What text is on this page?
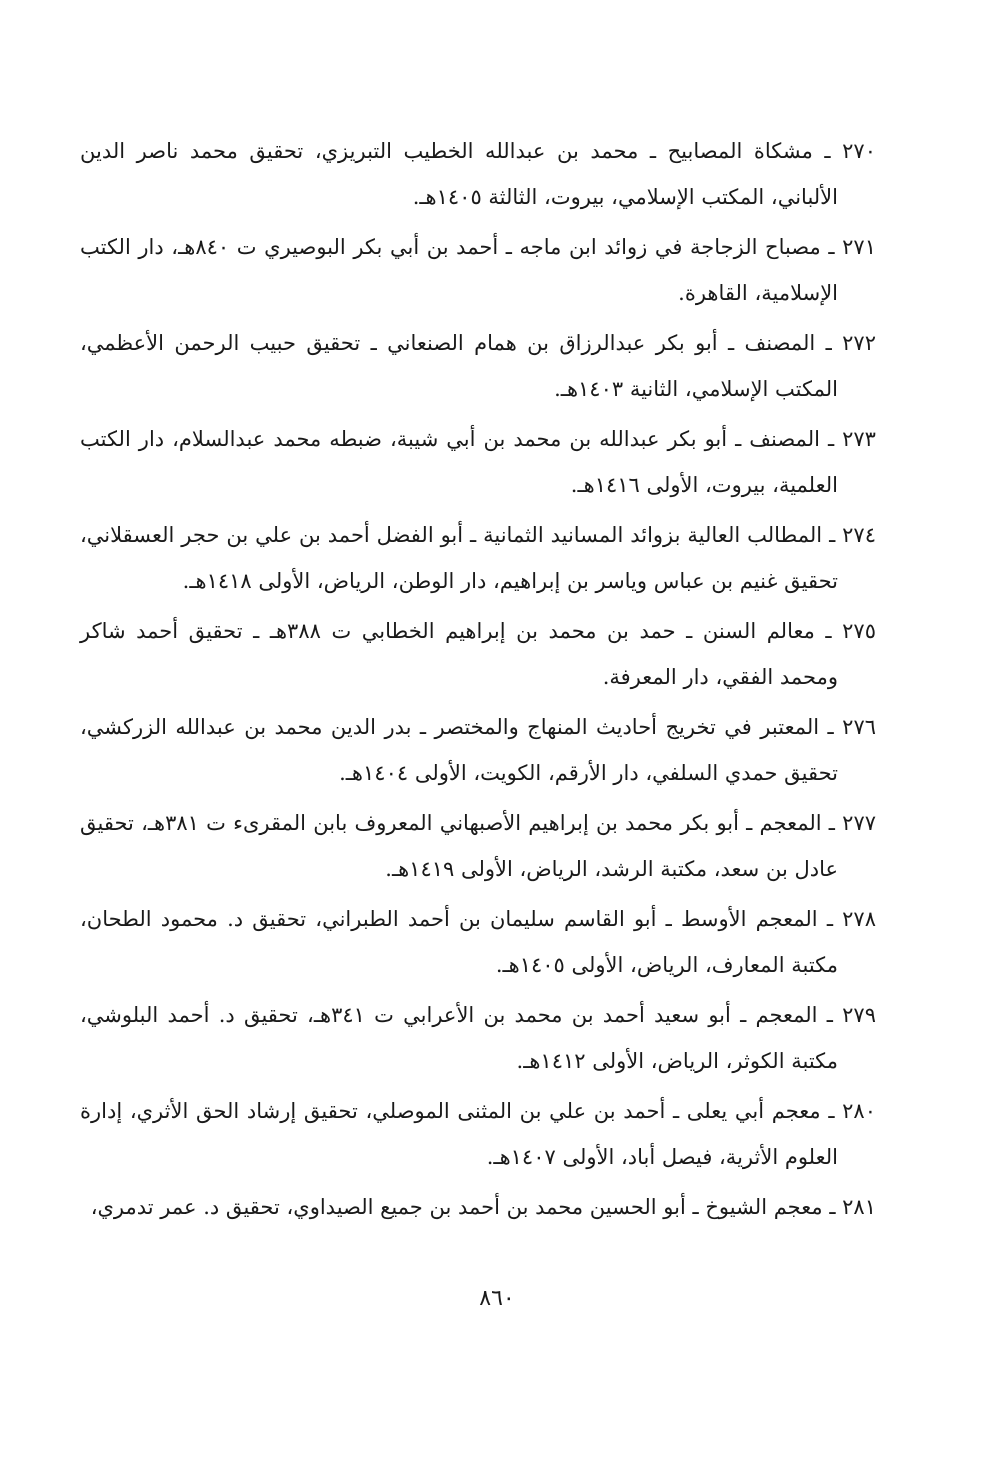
٢٧٠ ـ مشكاة المصابيح ـ محمد بن عبدالله الخطيب التبريزي، تحقيق محمد ناصر الدين الألباني، المكتب الإسلامي، بيروت، الثالثة ١٤٠٥هـ.

٢٧١ ـ مصباح الزجاجة في زوائد ابن ماجه ـ أحمد بن أبي بكر البوصيري ت ٨٤٠هـ، دار الكتب الإسلامية، القاهرة.

٢٧٢ ـ المصنف ـ أبو بكر عبدالرزاق بن همام الصنعاني ـ تحقيق حبيب الرحمن الأعظمي، المكتب الإسلامي، الثانية ١٤٠٣هـ.

٢٧٣ ـ المصنف ـ أبو بكر عبدالله بن محمد بن أبي شيبة، ضبطه محمد عبدالسلام، دار الكتب العلمية، بيروت، الأولى ١٤١٦هـ.

٢٧٤ ـ المطالب العالية بزوائد المسانيد الثمانية ـ أبو الفضل أحمد بن علي بن حجر العسقلاني، تحقيق غنيم بن عباس وياسر بن إبراهيم، دار الوطن، الرياض، الأولى ١٤١٨هـ.

٢٧٥ ـ معالم السنن ـ حمد بن محمد بن إبراهيم الخطابي ت ٣٨٨هـ ـ تحقيق أحمد شاكر ومحمد الفقي، دار المعرفة.

٢٧٦ ـ المعتبر في تخريج أحاديث المنهاج والمختصر ـ بدر الدين محمد بن عبدالله الزركشي، تحقيق حمدي السلفي، دار الأرقم، الكويت، الأولى ١٤٠٤هـ.

٢٧٧ ـ المعجم ـ أبو بكر محمد بن إبراهيم الأصبهاني المعروف بابن المقرىء ت ٣٨١هـ، تحقيق عادل بن سعد، مكتبة الرشد، الرياض، الأولى ١٤١٩هـ.

٢٧٨ ـ المعجم الأوسط ـ أبو القاسم سليمان بن أحمد الطبراني، تحقيق د. محمود الطحان، مكتبة المعارف، الرياض، الأولى ١٤٠٥هـ.

٢٧٩ ـ المعجم ـ أبو سعيد أحمد بن محمد بن الأعرابي ت ٣٤١هـ، تحقيق د. أحمد البلوشي، مكتبة الكوثر، الرياض، الأولى ١٤١٢هـ.

٢٨٠ ـ معجم أبي يعلى ـ أحمد بن علي بن المثنى الموصلي، تحقيق إرشاد الحق الأثري، إدارة العلوم الأثرية، فيصل أباد، الأولى ١٤٠٧هـ.

٢٨١ ـ معجم الشيوخ ـ أبو الحسين محمد بن أحمد بن جميع الصيداوي، تحقيق د. عمر تدمري،

٨٦٠
